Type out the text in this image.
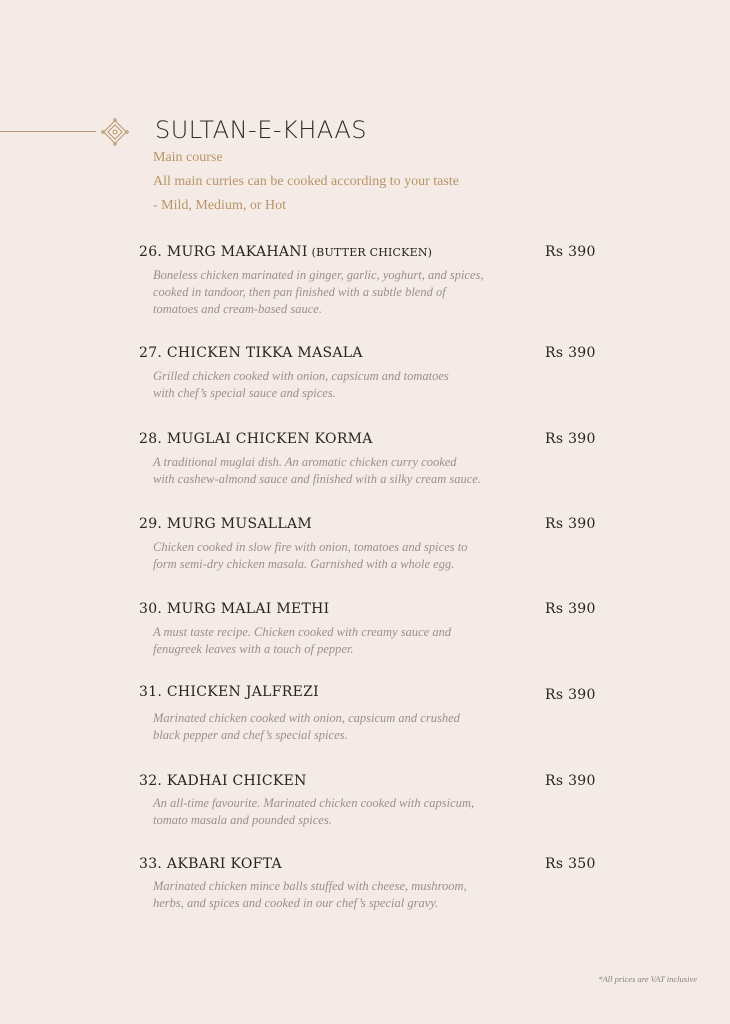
SULTAN-E-KHAAS
Main course
All main curries can be cooked according to your taste
- Mild, Medium, or Hot
26. MURG MAKAHANI (BUTTER CHICKEN)	Rs 390
Boneless chicken marinated in ginger, garlic, yoghurt, and spices,
cooked in tandoor, then pan finished with a subtle blend of
tomatoes and cream-based sauce.
27. CHICKEN TIKKA MASALA	Rs 390
Grilled chicken cooked with onion, capsicum and tomatoes
with chef’s special sauce and spices.
28. MUGLAI CHICKEN KORMA	Rs 390
A traditional muglai dish. An aromatic chicken curry cooked
with cashew-almond sauce and finished with a silky cream sauce.
29. MURG MUSALLAM	Rs 390
Chicken cooked in slow fire with onion, tomatoes and spices to
form semi-dry chicken masala. Garnished with a whole egg.
30. MURG MALAI METHI	Rs 390
A must taste recipe. Chicken cooked with creamy sauce and
fenugreek leaves with a touch of pepper.
31. CHICKEN JALFREZI	Rs 390
Marinated chicken cooked with onion, capsicum and crushed
black pepper and chef’s special spices.
32. KADHAI CHICKEN	Rs 390
An all-time favourite. Marinated chicken cooked with capsicum,
tomato masala and pounded spices.
33. AKBARI KOFTA	Rs 350
Marinated chicken mince balls stuffed with cheese, mushroom,
herbs, and spices and cooked in our chef’s special gravy.
*All prices are VAT inclusive
